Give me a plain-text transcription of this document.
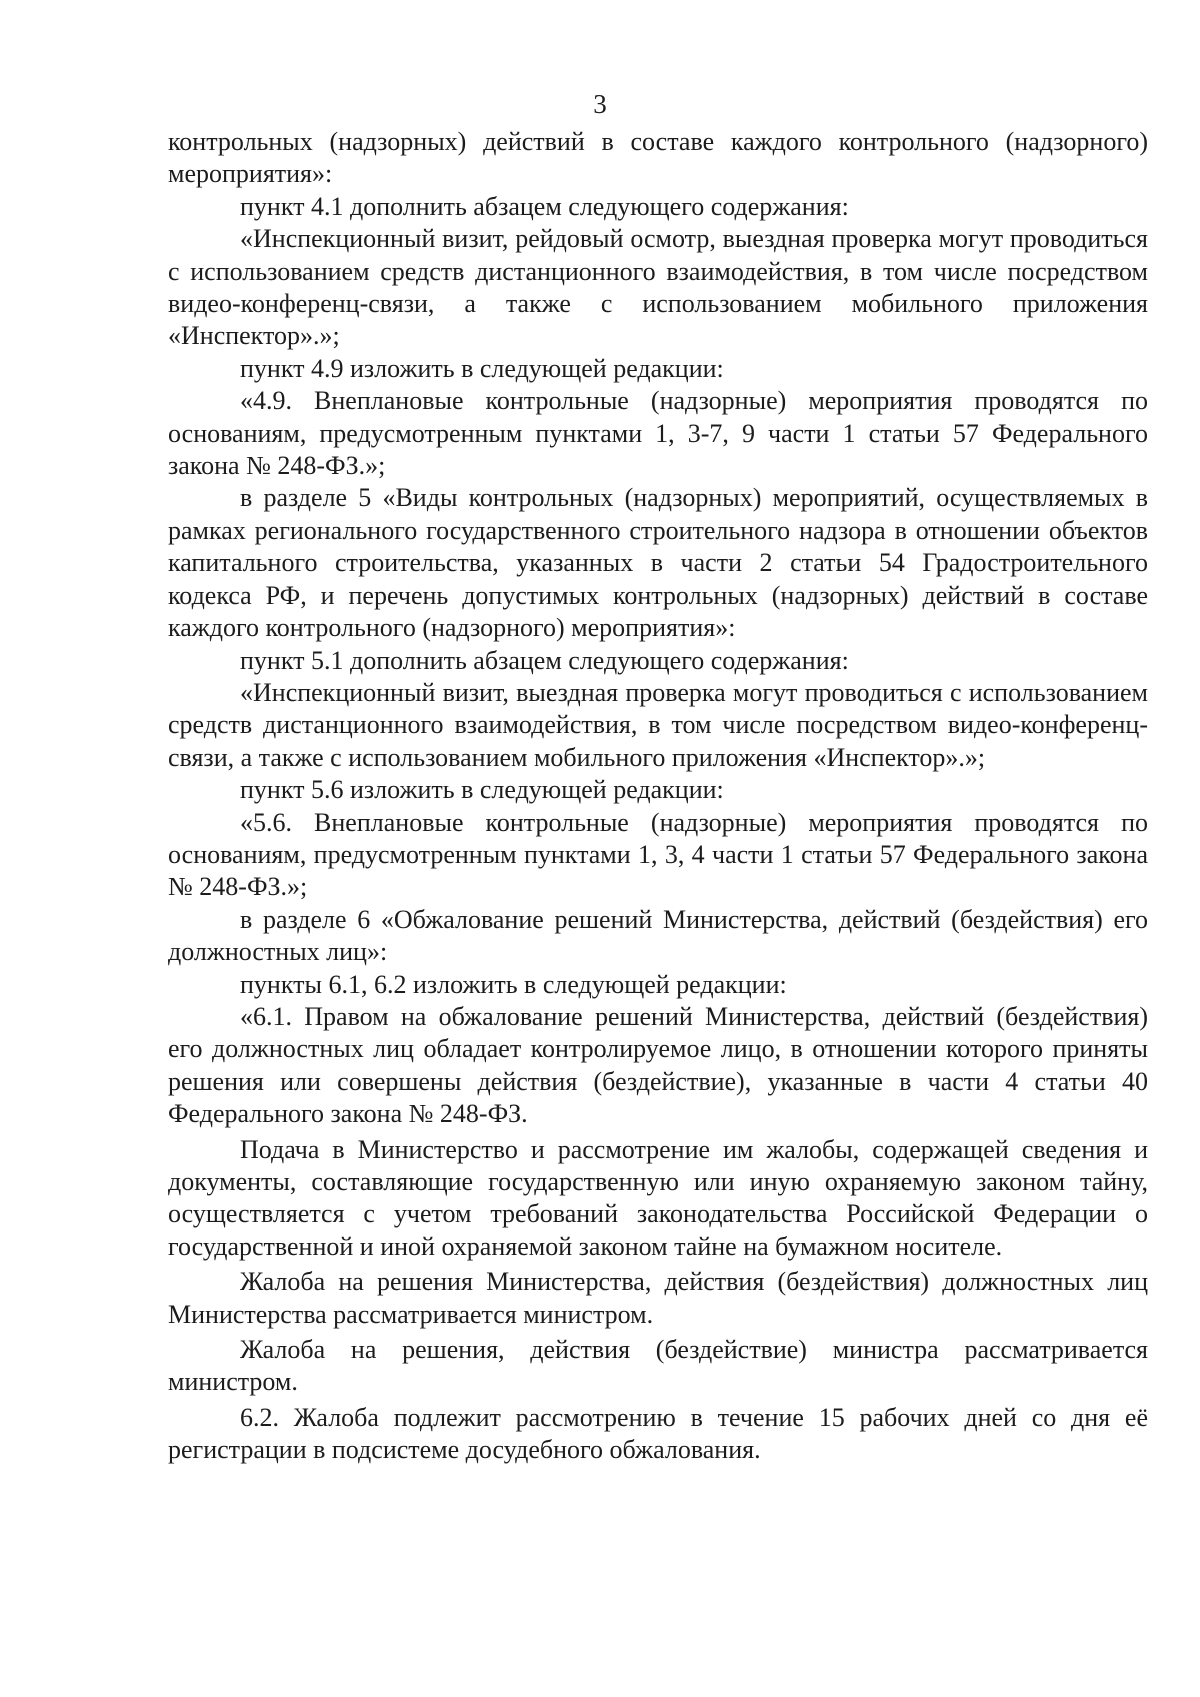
3

контрольных (надзорных) действий в составе каждого контрольного (надзорного) мероприятия»:

пункт 4.1 дополнить абзацем следующего содержания:

«Инспекционный визит, рейдовый осмотр, выездная проверка могут проводиться с использованием средств дистанционного взаимодействия, в том числе посредством видео-конференц-связи, а также с использованием мобильного приложения «Инспектор».»;

пункт 4.9 изложить в следующей редакции:

«4.9. Внеплановые контрольные (надзорные) мероприятия проводятся по основаниям, предусмотренным пунктами 1, 3-7, 9 части 1 статьи 57 Федерального закона № 248-ФЗ.»;

в разделе 5 «Виды контрольных (надзорных) мероприятий, осуществляемых в рамках регионального государственного строительного надзора в отношении объектов капитального строительства, указанных в части 2 статьи 54 Градостроительного кодекса РФ, и перечень допустимых контрольных (надзорных) действий в составе каждого контрольного (надзорного) мероприятия»:

пункт 5.1 дополнить абзацем следующего содержания:

«Инспекционный визит, выездная проверка могут проводиться с использованием средств дистанционного взаимодействия, в том числе посредством видео-конференц-связи, а также с использованием мобильного приложения «Инспектор».»;

пункт 5.6 изложить в следующей редакции:

«5.6. Внеплановые контрольные (надзорные) мероприятия проводятся по основаниям, предусмотренным пунктами 1, 3, 4 части 1 статьи 57 Федерального закона № 248-ФЗ.»;

в разделе 6 «Обжалование решений Министерства, действий (бездействия) его должностных лиц»:

пункты 6.1, 6.2 изложить в следующей редакции:

«6.1. Правом на обжалование решений Министерства, действий (бездействия) его должностных лиц обладает контролируемое лицо, в отношении которого приняты решения или совершены действия (бездействие), указанные в части 4 статьи 40 Федерального закона № 248-ФЗ.

Подача в Министерство и рассмотрение им жалобы, содержащей сведения и документы, составляющие государственную или иную охраняемую законом тайну, осуществляется с учетом требований законодательства Российской Федерации о государственной и иной охраняемой законом тайне на бумажном носителе.

Жалоба на решения Министерства, действия (бездействия) должностных лиц Министерства рассматривается министром.

Жалоба на решения, действия (бездействие) министра рассматривается министром.

6.2. Жалоба подлежит рассмотрению в течение 15 рабочих дней со дня её регистрации в подсистеме досудебного обжалования.
